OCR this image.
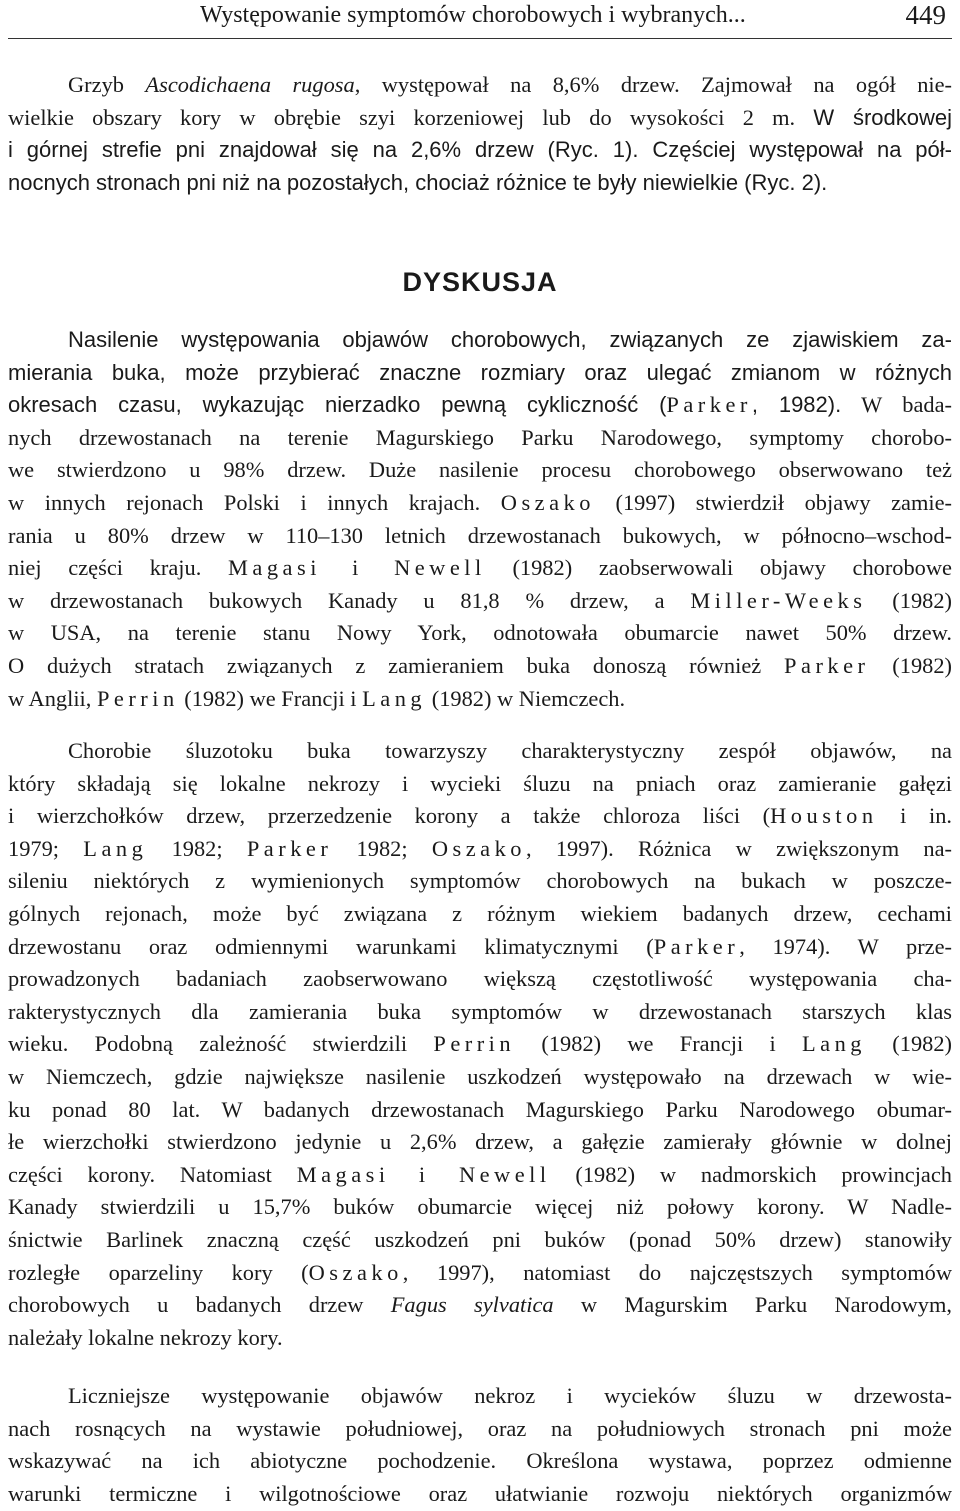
Występowanie symptomów chorobowych i wybranych...	449
Grzyb Ascodichaena rugosa, występował na 8,6% drzew. Zajmował na ogół nie-
wielkie obszary kory w obrębie szyi korzeniowej lub do wysokości 2 m. W środkowej
i górnej strefie pni znajdował się na 2,6% drzew (Ryc. 1). Częściej występował na pół-
nocnych stronach pni niż na pozostałych, chociaż różnice te były niewielkie (Ryc. 2).
DYSKUSJA
Nasilenie występowania objawów chorobowych, związanych ze zjawiskiem za-
mierania buka, może przybierać znaczne rozmiary oraz ulegać zmianom w różnych
okresach czasu, wykazując nierzadko pewną cykliczność (Parker, 1982). W bada-
nych drzewostanach na terenie Magurskiego Parku Narodowego, symptomy chorobo-
we stwierdzono u 98% drzew. Duże nasilenie procesu chorobowego obserwowano też
w innych rejonach Polski i innych krajach. Oszako (1997) stwierdził objawy zamie-
rania u 80% drzew w 110–130 letnich drzewostanach bukowych, w północno–wschod-
niej części kraju. Magasi i Newell (1982) zaobserwowali objawy chorobowe
w drzewostanach bukowych Kanady u 81,8 % drzew, a Miller-Weeks (1982)
w USA, na terenie stanu Nowy York, odnotowała obumarcie nawet 50% drzew.
O dużych stratach związanych z zamieraniem buka donoszą również Parker (1982)
w Anglii, Perrin (1982) we Francji i Lang (1982) w Niemczech.
Chorobie śluzotoku buka towarzyszy charakterystyczny zespół objawów, na
który składają się lokalne nekrozy i wycieki śluzu na pniach oraz zamieranie gałęzi
i wierzchołków drzew, przerzedzenie korony a także chloroza liści (Houston i in.
1979; Lang 1982; Parker 1982; Oszako, 1997). Różnica w zwiększonym na-
sileniu niektórych z wymienionych symptomów chorobowych na bukach w poszcze-
gólnych rejonach, może być związana z różnym wiekiem badanych drzew, cechami
drzewostanu oraz odmiennymi warunkami klimatycznymi (Parker, 1974). W prze-
prowadzonych badaniach zaobserwowano większą częstotliwość występowania cha-
rakterystycznych dla zamierania buka symptomów w drzewostanach starszych klas
wieku. Podobną zależność stwierdzili Perrin (1982) we Francji i Lang (1982)
w Niemczech, gdzie największe nasilenie uszkodzeń występowało na drzewach w wie-
ku ponad 80 lat. W badanych drzewostanach Magurskiego Parku Narodowego obumar-
łe wierzchołki stwierdzono jedynie u 2,6% drzew, a gałęzie zamierały głównie w dolnej
części korony. Natomiast Magasi i Newell (1982) w nadmorskich prowincjach
Kanady stwierdzili u 15,7% buków obumarcie więcej niż połowy korony. W Nadle-
śnictwie Barlinek znaczną część uszkodzeń pni buków (ponad 50% drzew) stanowiły
rozległe oparzeliny kory (Oszako, 1997), natomiast do najczęstszych symptomów
chorobowych u badanych drzew Fagus sylvatica w Magurskim Parku Narodowym,
należały lokalne nekrozy kory.
Liczniejsze występowanie objawów nekroz i wycieków śluzu w drzewosta-
nach rosnących na wystawie południowej, oraz na południowych stronach pni może
wskazywać na ich abiotyczne pochodzenie. Określona wystawa, poprzez odmienne
warunki termiczne i wilgotnościowe oraz ułatwianie rozwoju niektórych organizmów
